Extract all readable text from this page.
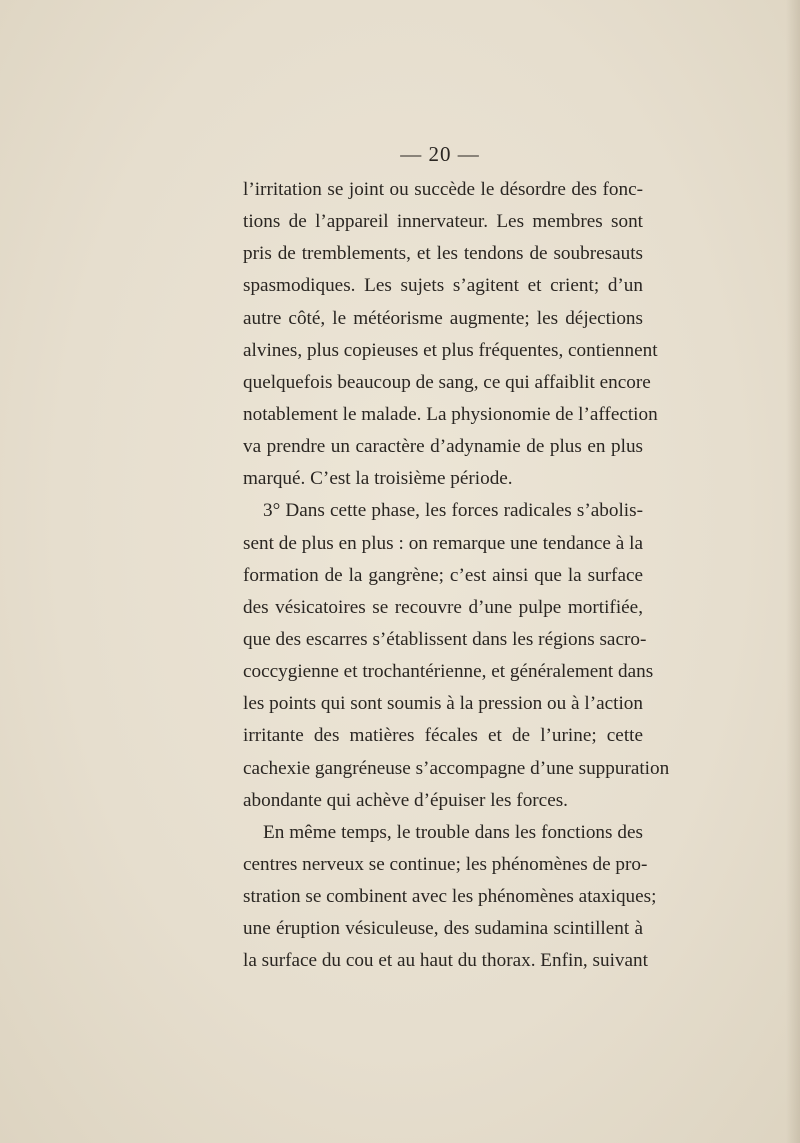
— 20 —
l’irritation se joint ou succède le désordre des fonc-
tions de l’appareil innervateur. Les membres sont
pris de tremblements, et les tendons de soubresauts
spasmodiques. Les sujets s’agitent et crient; d’un
autre côté, le météorisme augmente; les déjections
alvines, plus copieuses et plus fréquentes, contiennent
quelquefois beaucoup de sang, ce qui affaiblit encore
notablement le malade. La physionomie de l’affection
va prendre un caractère d’adynamie de plus en plus
marqué. C’est la troisième période.
3° Dans cette phase, les forces radicales s’abolis-
sent de plus en plus : on remarque une tendance à la
formation de la gangrène; c’est ainsi que la surface
des vésicatoires se recouvre d’une pulpe mortifiée,
que des escarres s’établissent dans les régions sacro-
coccygienne et trochantérienne, et généralement dans
les points qui sont soumis à la pression ou à l’action
irritante des matières fécales et de l’urine; cette
cachexie gangréneuse s’accompagne d’une suppuration
abondante qui achève d’épuiser les forces.
En même temps, le trouble dans les fonctions des
centres nerveux se continue; les phénomènes de pro-
stration se combinent avec les phénomènes ataxiques;
une éruption vésiculeuse, des sudamina scintillent à
la surface du cou et au haut du thorax. Enfin, suivant
